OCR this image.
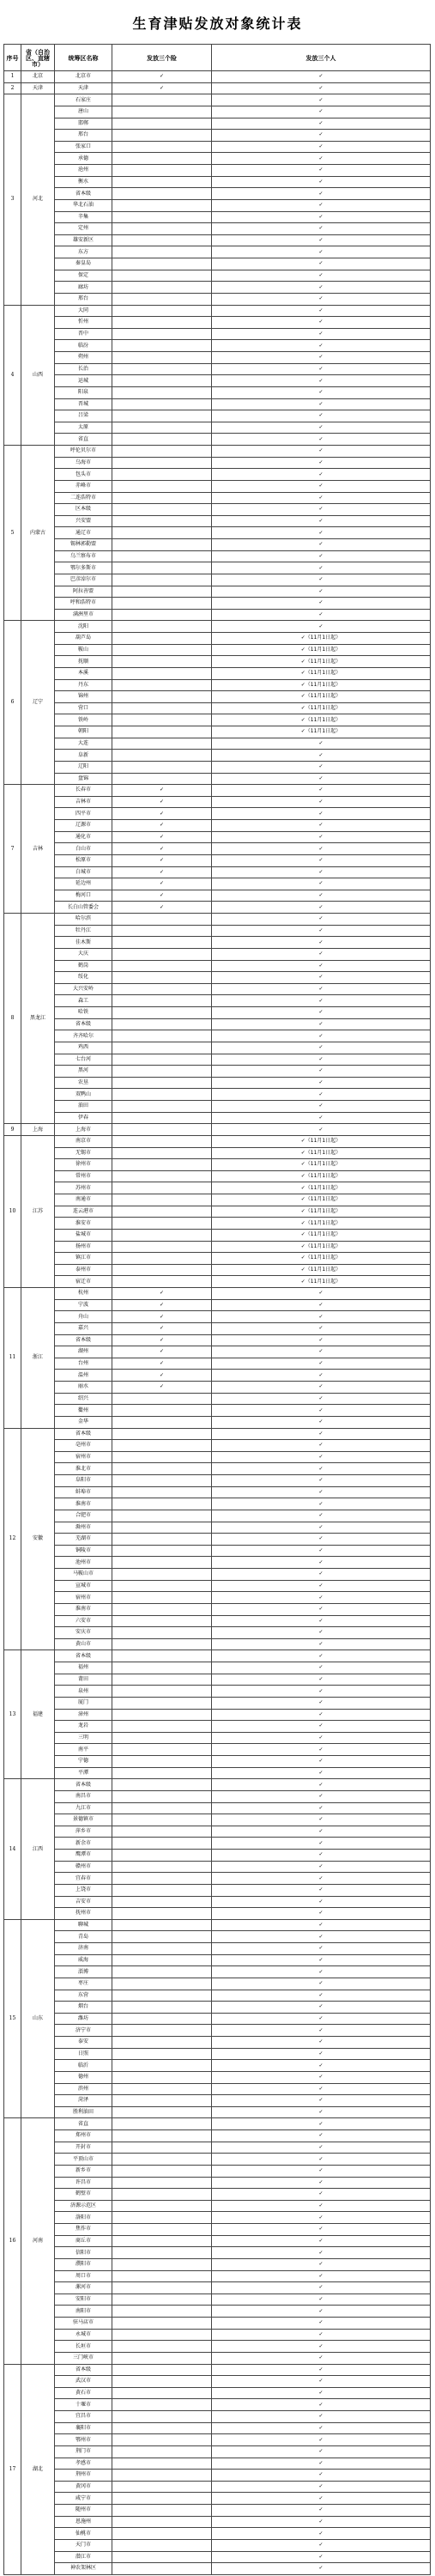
生育津贴发放对象统计表
序号	省（自治区、直辖市）	统筹区名称	发放三个险	发放三个人
1	北京	北京市	✓	✓
2	天津	天津	✓	✓
3	河北	石家庄		✓
		唐山		✓
		邯郸		✓
		邢台		✓
		张家口		✓
		承德		✓
		沧州		✓
		衡水		✓
		省本级		✓
		华北石油		✓
		辛集		✓
		定州		✓
		雄安新区		✓
		东方		✓
		秦皇岛		✓
		保定		✓
		廊坊		✓
		邢台		✓
4	山西	大同		✓
		忻州		✓
		晋中		✓
		临汾		✓
		朔州		✓
		长治		✓
		运城		✓
		阳泉		✓
		晋城		✓
		吕梁		✓
		太原		✓
		省直		✓
5	内蒙古	呼伦贝尔市		✓
		乌海市		✓
		包头市		✓
		赤峰市		✓
		二连浩特市		✓
		区本级		✓
		兴安盟		✓
		通辽市		✓
		锡林郭勒盟		✓
		乌兰察布市		✓
		鄂尔多斯市		✓
		巴彦淖尔市		✓
		阿拉善盟		✓
		呼和浩特市		✓
		满洲里市		✓
6	辽宁	沈阳		✓
		葫芦岛		✓（11月1日起）
		鞍山		✓（11月1日起）
		抚顺		✓（11月1日起）
		本溪		✓（11月1日起）
		丹东		✓（11月1日起）
		锦州		✓（11月1日起）
		营口		✓（11月1日起）
		铁岭		✓（11月1日起）
		朝阳		✓（11月1日起）
		大连		✓
		阜新		✓
		辽阳		✓
		盘锦		✓
7	吉林	长春市	✓	✓
		吉林市	✓	✓
		四平市	✓	✓
		辽源市	✓	✓
		通化市	✓	✓
		白山市	✓	✓
		松原市	✓	✓
		白城市	✓	✓
		延边州	✓	✓
		梅河口	✓	✓
		长白山管委会	✓	✓
8	黑龙江	哈尔滨		✓
		牡丹江		✓
		佳木斯		✓
		大庆		✓
		鹤岗		✓
		绥化		✓
		大兴安岭		✓
		森工		✓
		哈铁		✓
		省本级		✓
		齐齐哈尔		✓
		鸡西		✓
		七台河		✓
		黑河		✓
		农垦		✓
		双鸭山		✓
		油田		✓
		伊春		✓
9	上海	上海市		✓
10	江苏	南京市		✓（11月1日起）
		无锡市		✓（11月1日起）
		徐州市		✓（11月1日起）
		常州市		✓（11月1日起）
		苏州市		✓（11月1日起）
		南通市		✓（11月1日起）
		连云港市		✓（11月1日起）
		淮安市		✓（11月1日起）
		盐城市		✓（11月1日起）
		扬州市		✓（11月1日起）
		镇江市		✓（11月1日起）
		泰州市		✓（11月1日起）
		宿迁市		✓（11月1日起）
11	浙江	杭州	✓	✓
		宁波	✓	✓
		舟山	✓	✓
		嘉兴	✓	✓
		省本级	✓	✓
		湖州	✓	✓
		台州	✓	✓
		温州	✓	✓
		丽水	✓	✓
		绍兴		✓
		衢州		✓
		金华		✓
12	安徽	省本级		✓
		亳州市		✓
		宿州市		✓
		淮北市		✓
		阜阳市		✓
		蚌埠市		✓
		淮南市		✓
		合肥市		✓
		滁州市		✓
		芜湖市		✓
		铜陵市		✓
		池州市		✓
		马鞍山市		✓
		宣城市		✓
		宿州市		✓
		淮南市		✓
		六安市		✓
		安庆市		✓
		黄山市		✓
13	福建	省本级		✓
		福州		✓
		莆田		✓
		泉州		✓
		厦门		✓
		漳州		✓
		龙岩		✓
		三明		✓
		南平		✓
		宁德		✓
		平潭		✓
14	江西	省本级		✓
		南昌市		✓
		九江市		✓
		景德镇市		✓
		萍乡市		✓
		新余市		✓
		鹰潭市		✓
		赣州市		✓
		宜春市		✓
		上饶市		✓
		吉安市		✓
		抚州市		✓
15	山东	聊城		✓
		青岛		✓
		济南		✓
		威海		✓
		淄博		✓
		枣庄		✓
		东营		✓
		烟台		✓
		潍坊		✓
		济宁市		✓
		泰安		✓
		日照		✓
		临沂		✓
		德州		✓
		滨州		✓
		菏泽		✓
		胜利油田		✓
16	河南	省直		✓
		郑州市		✓
		开封市		✓
		平顶山市		✓
		新乡市		✓
		许昌市		✓
		鹤壁市		✓
		济源示范区		✓
		洛阳市		✓
		焦作市		✓
		商丘市		✓
		信阳市		✓
		濮阳市		✓
		周口市		✓
		漯河市		✓
		安阳市		✓
		南阳市		✓
		驻马店市		✓
		永城市		✓
		长垣市		✓
		三门峡市		✓
17	湖北	省本级		✓
		武汉市		✓
		黄石市		✓
		十堰市		✓
		宜昌市		✓
		襄阳市		✓
		鄂州市		✓
		荆门市		✓
		孝感市		✓
		荆州市		✓
		黄冈市		✓
		咸宁市		✓
		随州市		✓
		恩施州		✓
		仙桃市		✓
		天门市		✓
		潜江市		✓
		神农架林区		✓
